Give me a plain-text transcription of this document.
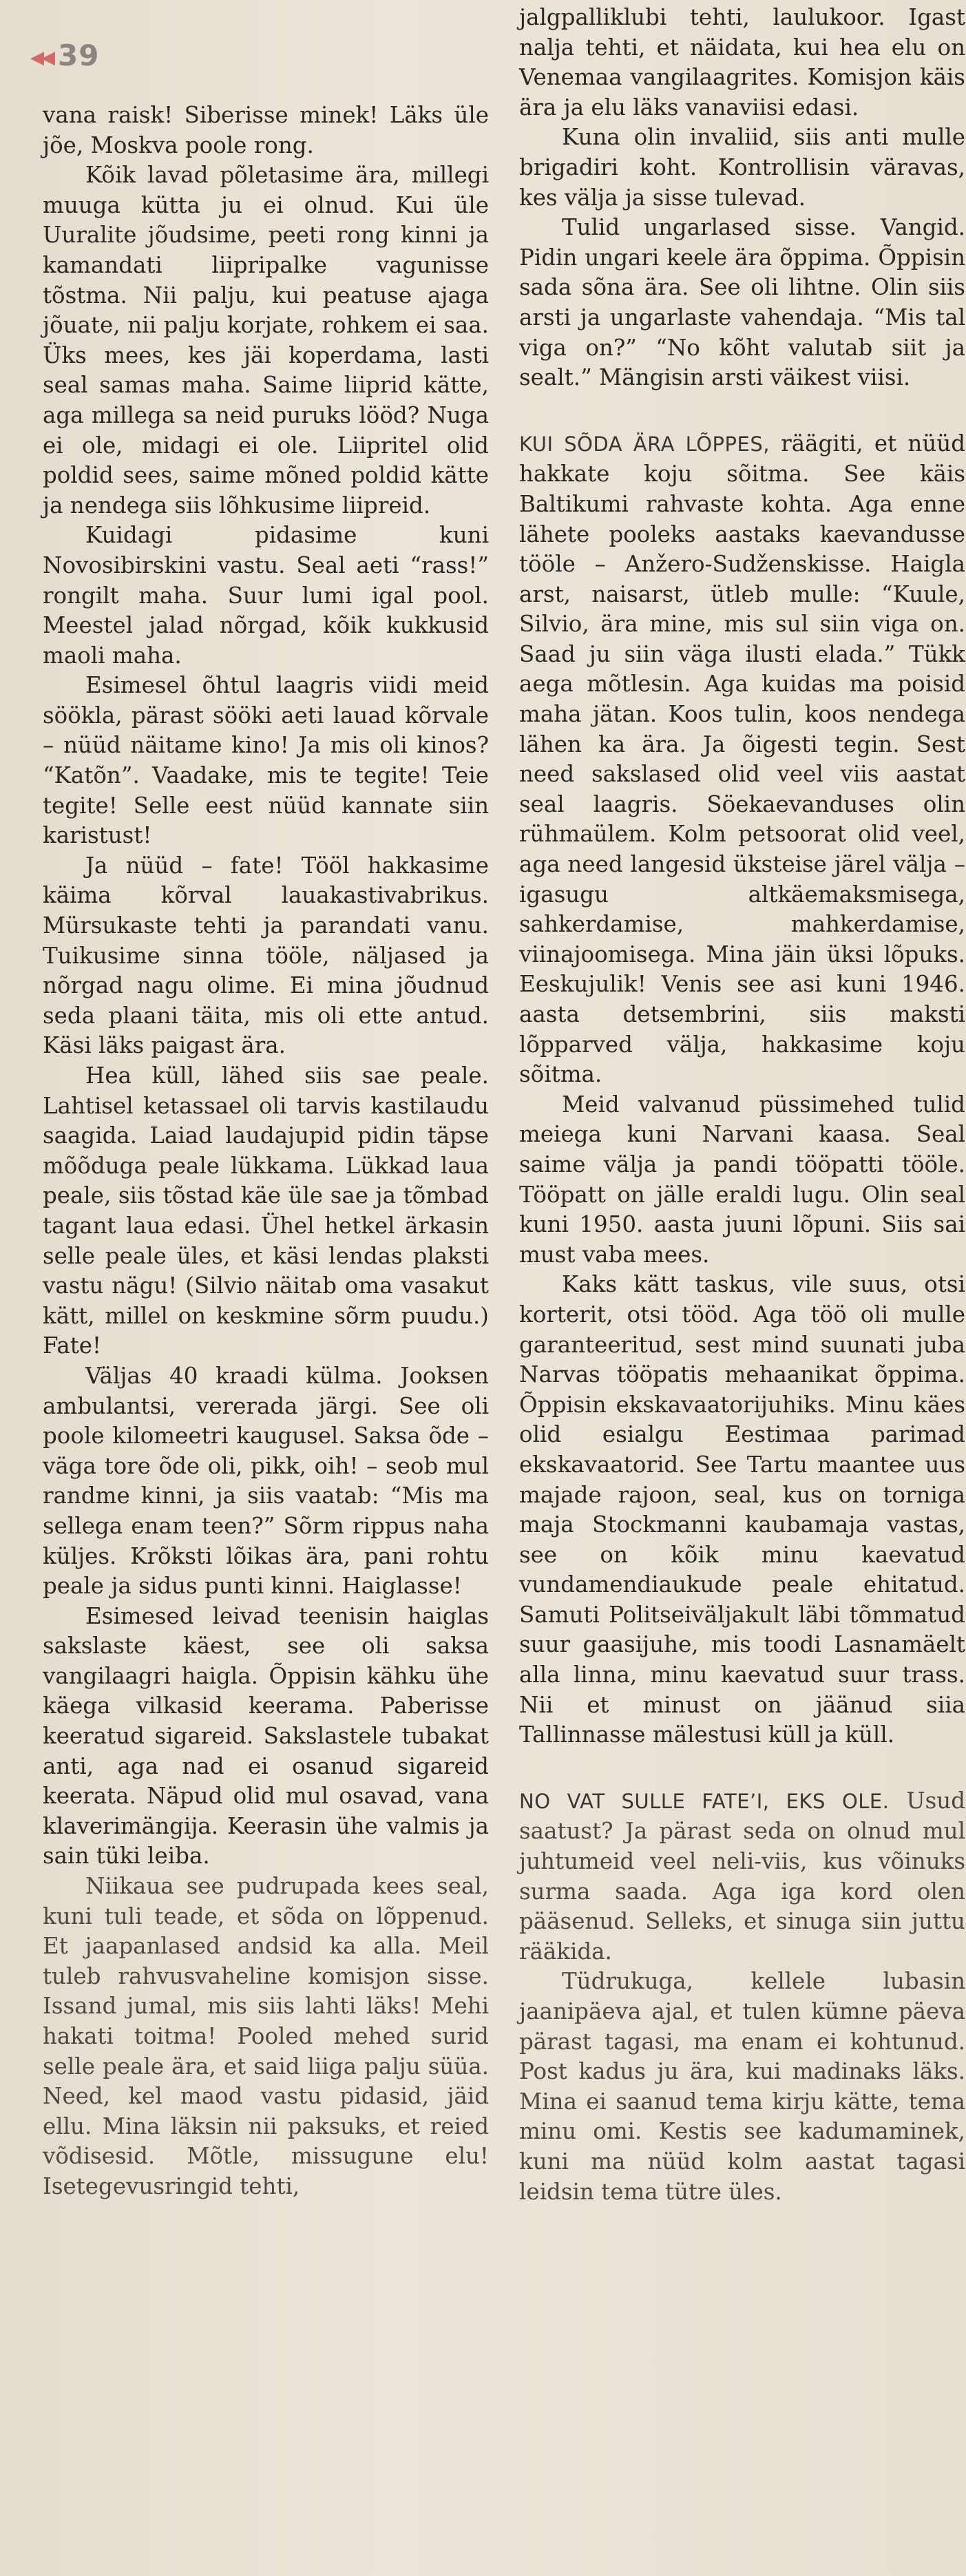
◀◀ 39

vana raisk! Siberisse minek! Läks üle jõe, Moskva poole rong.

Kõik lavad põletasime ära, millegi muuga kütta ju ei olnud. Kui üle Uuralite jõudsime, peeti rong kinni ja kamandati liipripalke vagunisse tõstma. Nii palju, kui peatuse ajaga jõuate, nii palju korjate, rohkem ei saa. Üks mees, kes jäi koperdama, lasti seal samas maha. Saime liiprid kätte, aga millega sa neid puruks lööd? Nuga ei ole, midagi ei ole. Liipritel olid poldid sees, saime mõned poldid kätte ja nendega siis lõhkusime liipreid.

Kuidagi pidasime kuni Novosibirskini vastu. Seal aeti “rass!” rongilt maha. Suur lumi igal pool. Meestel jalad nõrgad, kõik kukkusid maoli maha.

Esimesel õhtul laagris viidi meid söökla, pärast sööki aeti lauad kõrvale – nüüd näitame kino! Ja mis oli kinos? “Katõn”. Vaadake, mis te tegite! Teie tegite! Selle eest nüüd kannate siin karistust!

Ja nüüd – fate! Tööl hakkasime käima kõrval lauakastivabrikus. Mürsukaste tehti ja parandati vanu. Tuikusime sinna tööle, näljased ja nõrgad nagu olime. Ei mina jõudnud seda plaani täita, mis oli ette antud. Käsi läks paigast ära.

Hea küll, lähed siis sae peale. Lahtisel ketassael oli tarvis kastilaudu saagida. Laiad laudajupid pidin täpse mõõduga peale lükkama. Lükkad laua peale, siis tõstad käe üle sae ja tõmbad tagant laua edasi. Ühel hetkel ärkasin selle peale üles, et käsi lendas plaksti vastu nägu! (Silvio näitab oma vasakut kätt, millel on keskmine sõrm puudu.) Fate!

Väljas 40 kraadi külma. Jooksen ambulantsi, vererada järgi. See oli poole kilomeetri kaugusel. Saksa õde – väga tore õde oli, pikk, oih! – seob mul randme kinni, ja siis vaatab: “Mis ma sellega enam teen?” Sõrm rippus naha küljes. Krõksti lõikas ära, pani rohtu peale ja sidus punti kinni. Haiglasse!

Esimesed leivad teenisin haiglas sakslaste käest, see oli saksa vangilaagri haigla. Õppisin kähku ühe käega vilkasid keerama. Paberisse keeratud sigareid. Sakslastele tubakat anti, aga nad ei osanud sigareid keerata. Näpud olid mul osavad, vana klaverimängija. Keerasin ühe valmis ja sain tüki leiba.

Niikaua see pudrupada kees seal, kuni tuli teade, et sõda on lõppenud. Et jaapanlased andsid ka alla. Meil tuleb rahvusvaheline komisjon sisse. Issand jumal, mis siis lahti läks! Mehi hakati toitma! Pooled mehed surid selle peale ära, et said liiga palju süüa. Need, kel maod vastu pidasid, jäid ellu. Mina läksin nii paksuks, et reied võdisesid. Mõtle, missugune elu! Isetegevusringid tehti,

jalgpalliklubi tehti, laulukoor. Igast nalja tehti, et näidata, kui hea elu on Venemaa vangilaagrites. Komisjon käis ära ja elu läks vanaviisi edasi.

Kuna olin invaliid, siis anti mulle brigadiri koht. Kontrollisin väravas, kes välja ja sisse tulevad.

Tulid ungarlased sisse. Vangid. Pidin ungari keele ära õppima. Õppisin sada sõna ära. See oli lihtne. Olin siis arsti ja ungarlaste vahendaja. “Mis tal viga on?” “No kõht valutab siit ja sealt.” Mängisin arsti väikest viisi.

KUI SÕDA ÄRA LÕPPES, räägiti, et nüüd hakkate koju sõitma. See käis Baltikumi rahvaste kohta. Aga enne lähete pooleks aastaks kaevandusse tööle – Anžero-Sudženskisse. Haigla arst, naisarst, ütleb mulle: “Kuule, Silvio, ära mine, mis sul siin viga on. Saad ju siin väga ilusti elada.” Tükk aega mõtlesin. Aga kuidas ma poisid maha jätan. Koos tulin, koos nendega lähen ka ära. Ja õigesti tegin. Sest need sakslased olid veel viis aastat seal laagris. Söekaevanduses olin rühmaülem. Kolm petsoorat olid veel, aga need langesid üksteise järel välja – igasugu altkäemaksmisega, sahkerdamise, mahkerdamise, viinajoomisega. Mina jäin üksi lõpuks. Eeskujulik! Venis see asi kuni 1946. aasta detsembrini, siis maksti lõpparved välja, hakkasime koju sõitma.

Meid valvanud püssimehed tulid meiega kuni Narvani kaasa. Seal saime välja ja pandi tööpatti tööle. Tööpatt on jälle eraldi lugu. Olin seal kuni 1950. aasta juuni lõpuni. Siis sai must vaba mees.

Kaks kätt taskus, vile suus, otsi korterit, otsi tööd. Aga töö oli mulle garanteeritud, sest mind suunati juba Narvas tööpatis mehaanikat õppima. Õppisin ekskavaatorijuhiks. Minu käes olid esialgu Eestimaa parimad ekskavaatorid. See Tartu maantee uus majade rajoon, seal, kus on torniga maja Stockmanni kaubamaja vastas, see on kõik minu kaevatud vundamendiaukude peale ehitatud. Samuti Politseiväljakult läbi tõmmatud suur gaasijuhe, mis toodi Lasnamäelt alla linna, minu kaevatud suur trass. Nii et minust on jäänud siia Tallinnasse mälestusi küll ja küll.

NO VAT SULLE FATE’I, EKS OLE. Usud saatust? Ja pärast seda on olnud mul juhtumeid veel neli-viis, kus võinuks surma saada. Aga iga kord olen pääsenud. Selleks, et sinuga siin juttu rääkida.

Tüdrukuga, kellele lubasin jaanipäeva ajal, et tulen kümne päeva pärast tagasi, ma enam ei kohtunud. Post kadus ju ära, kui madinaks läks. Mina ei saanud tema kirju kätte, tema minu omi. Kestis see kadumaminek, kuni ma nüüd kolm aastat tagasi leidsin tema tütre üles.
